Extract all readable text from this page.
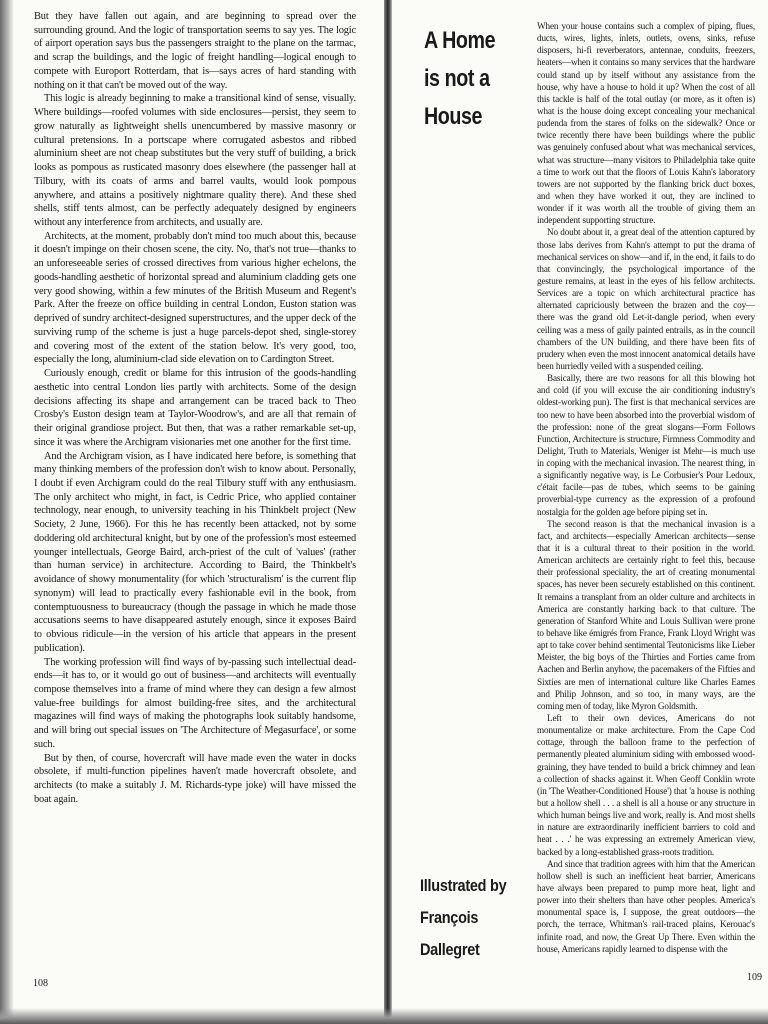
But they have fallen out again, and are beginning to spread over the surrounding ground. And the logic of transportation seems to say yes. The logic of airport operation says bus the passengers straight to the plane on the tarmac, and scrap the buildings, and the logic of freight handling—logical enough to compete with Europort Rotterdam, that is—says acres of hard standing with nothing on it that can't be moved out of the way.

This logic is already beginning to make a transitional kind of sense, visually. Where buildings—roofed volumes with side enclosures—persist, they seem to grow naturally as lightweight shells unencumbered by massive masonry or cultural pretensions. In a portscape where corrugated asbestos and ribbed aluminium sheet are not cheap substitutes but the very stuff of building, a brick looks as pompous as rusticated masonry does elsewhere (the passenger hall at Tilbury, with its coats of arms and barrel vaults, would look pompous anywhere, and attains a positively nightmare quality there). And these shed shells, stiff tents almost, can be perfectly adequately designed by engineers without any interference from architects, and usually are.

Architects, at the moment, probably don't mind too much about this, because it doesn't impinge on their chosen scene, the city. No, that's not true—thanks to an unforeseeable series of crossed directives from various higher echelons, the goods-handling aesthetic of horizontal spread and aluminium cladding gets one very good showing, within a few minutes of the British Museum and Regent's Park. After the freeze on office building in central London, Euston station was deprived of sundry architect-designed superstructures, and the upper deck of the surviving rump of the scheme is just a huge parcels-depot shed, single-storey and covering most of the extent of the station below. It's very good, too, especially the long, aluminium-clad side elevation on to Cardington Street.

Curiously enough, credit or blame for this intrusion of the goods-handling aesthetic into central London lies partly with architects. Some of the design decisions affecting its shape and arrangement can be traced back to Theo Crosby's Euston design team at Taylor-Woodrow's, and are all that remain of their original grandiose project. But then, that was a rather remarkable set-up, since it was where the Archigram visionaries met one another for the first time.

And the Archigram vision, as I have indicated here before, is something that many thinking members of the profession don't wish to know about. Personally, I doubt if even Archigram could do the real Tilbury stuff with any enthusiasm. The only architect who might, in fact, is Cedric Price, who applied container technology, near enough, to university teaching in his Thinkbelt project (New Society, 2 June, 1966). For this he has recently been attacked, not by some doddering old architectural knight, but by one of the profession's most esteemed younger intellectuals, George Baird, arch-priest of the cult of 'values' (rather than human service) in architecture. According to Baird, the Thinkbelt's avoidance of showy monumentality (for which 'structuralism' is the current flip synonym) will lead to practically every fashionable evil in the book, from contemptuousness to bureaucracy (though the passage in which he made those accusations seems to have disappeared astutely enough, since it exposes Baird to obvious ridicule—in the version of his article that appears in the present publication).

The working profession will find ways of by-passing such intellectual dead-ends—it has to, or it would go out of business—and architects will eventually compose themselves into a frame of mind where they can design a few almost value-free buildings for almost building-free sites, and the architectural magazines will find ways of making the photographs look suitably handsome, and will bring out special issues on 'The Architecture of Megasurface', or some such.

But by then, of course, hovercraft will have made even the water in docks obsolete, if multi-function pipelines haven't made hovercraft obsolete, and architects (to make a suitably J. M. Richards-type joke) will have missed the boat again.

108

When your house contains such a complex of piping, flues, ducts, wires, lights, inlets, outlets, ovens, sinks, refuse disposers, hi-fi reverberators, antennae, conduits, freezers, heaters—when it contains so many services that the hardware could stand up by itself without any assistance from the house, why have a house to hold it up? When the cost of all this tackle is half of the total outlay (or more, as it often is) what is the house doing except concealing your mechanical pudenda from the stares of folks on the sidewalk? Once or twice recently there have been buildings where the public was genuinely confused about what was mechanical services, what was structure—many visitors to Philadelphia take quite a time to work out that the floors of Louis Kahn's laboratory towers are not supported by the flanking brick duct boxes, and when they have worked it out, they are inclined to wonder if it was worth all the trouble of giving them an independent supporting structure.

No doubt about it, a great deal of the attention captured by those labs derives from Kahn's attempt to put the drama of mechanical services on show—and if, in the end, it fails to do that convincingly, the psychological importance of the gesture remains, at least in the eyes of his fellow architects. Services are a topic on which architectural practice has alternated capriciously between the brazen and the coy—there was the grand old Let-it-dangle period, when every ceiling was a mess of gaily painted entrails, as in the council chambers of the UN building, and there have been fits of prudery when even the most innocent anatomical details have been hurriedly veiled with a suspended ceiling.

Basically, there are two reasons for all this blowing hot and cold (if you will excuse the air conditioning industry's oldest-working pun). The first is that mechanical services are too new to have been absorbed into the proverbial wisdom of the profession: none of the great slogans—Form Follows Function, Architecture is structure, Firmness Commodity and Delight, Truth to Materials, Weniger ist Mehr—is much use in coping with the mechanical invasion. The nearest thing, in a significantly negative way, is Le Corbusier's Pour Ledoux, c'était facile—pas de tubes, which seems to be gaining proverbial-type currency as the expression of a profound nostalgia for the golden age before piping set in.

The second reason is that the mechanical invasion is a fact, and architects—especially American architects—sense that it is a cultural threat to their position in the world. American architects are certainly right to feel this, because their professional speciality, the art of creating monumental spaces, has never been securely established on this continent. It remains a transplant from an older culture and architects in America are constantly harking back to that culture. The generation of Stanford White and Louis Sullivan were prone to behave like émigrés from France, Frank Lloyd Wright was apt to take cover behind sentimental Teutonicisms like Lieber Meister, the big boys of the Thirties and Forties came from Aachen and Berlin anyhow, the pacemakers of the Fifties and Sixties are men of international culture like Charles Eames and Philip Johnson, and so too, in many ways, are the coming men of today, like Myron Goldsmith.

Left to their own devices, Americans do not monumentalize or make architecture. From the Cape Cod cottage, through the balloon frame to the perfection of permanently pleated aluminium siding with embossed wood-graining, they have tended to build a brick chimney and lean a collection of shacks against it. When Geoff Conklin wrote (in 'The Weather-Conditioned House') that 'a house is nothing but a hollow shell . . . a shell is all a house or any structure in which human beings live and work, really is. And most shells in nature are extraordinarily inefficient barriers to cold and heat . . .' he was expressing an extremely American view, backed by a long-established grass-roots tradition.

And since that tradition agrees with him that the American hollow shell is such an inefficient heat barrier, Americans have always been prepared to pump more heat, light and power into their shelters than have other peoples. America's monumental space is, I suppose, the great outdoors—the porch, the terrace, Whitman's rail-traced plains, Kerouac's infinite road, and now, the Great Up There. Even within the house, Americans rapidly learned to dispense with the

109
A Home
is not a
House
Illustrated by
François
Dallegret
